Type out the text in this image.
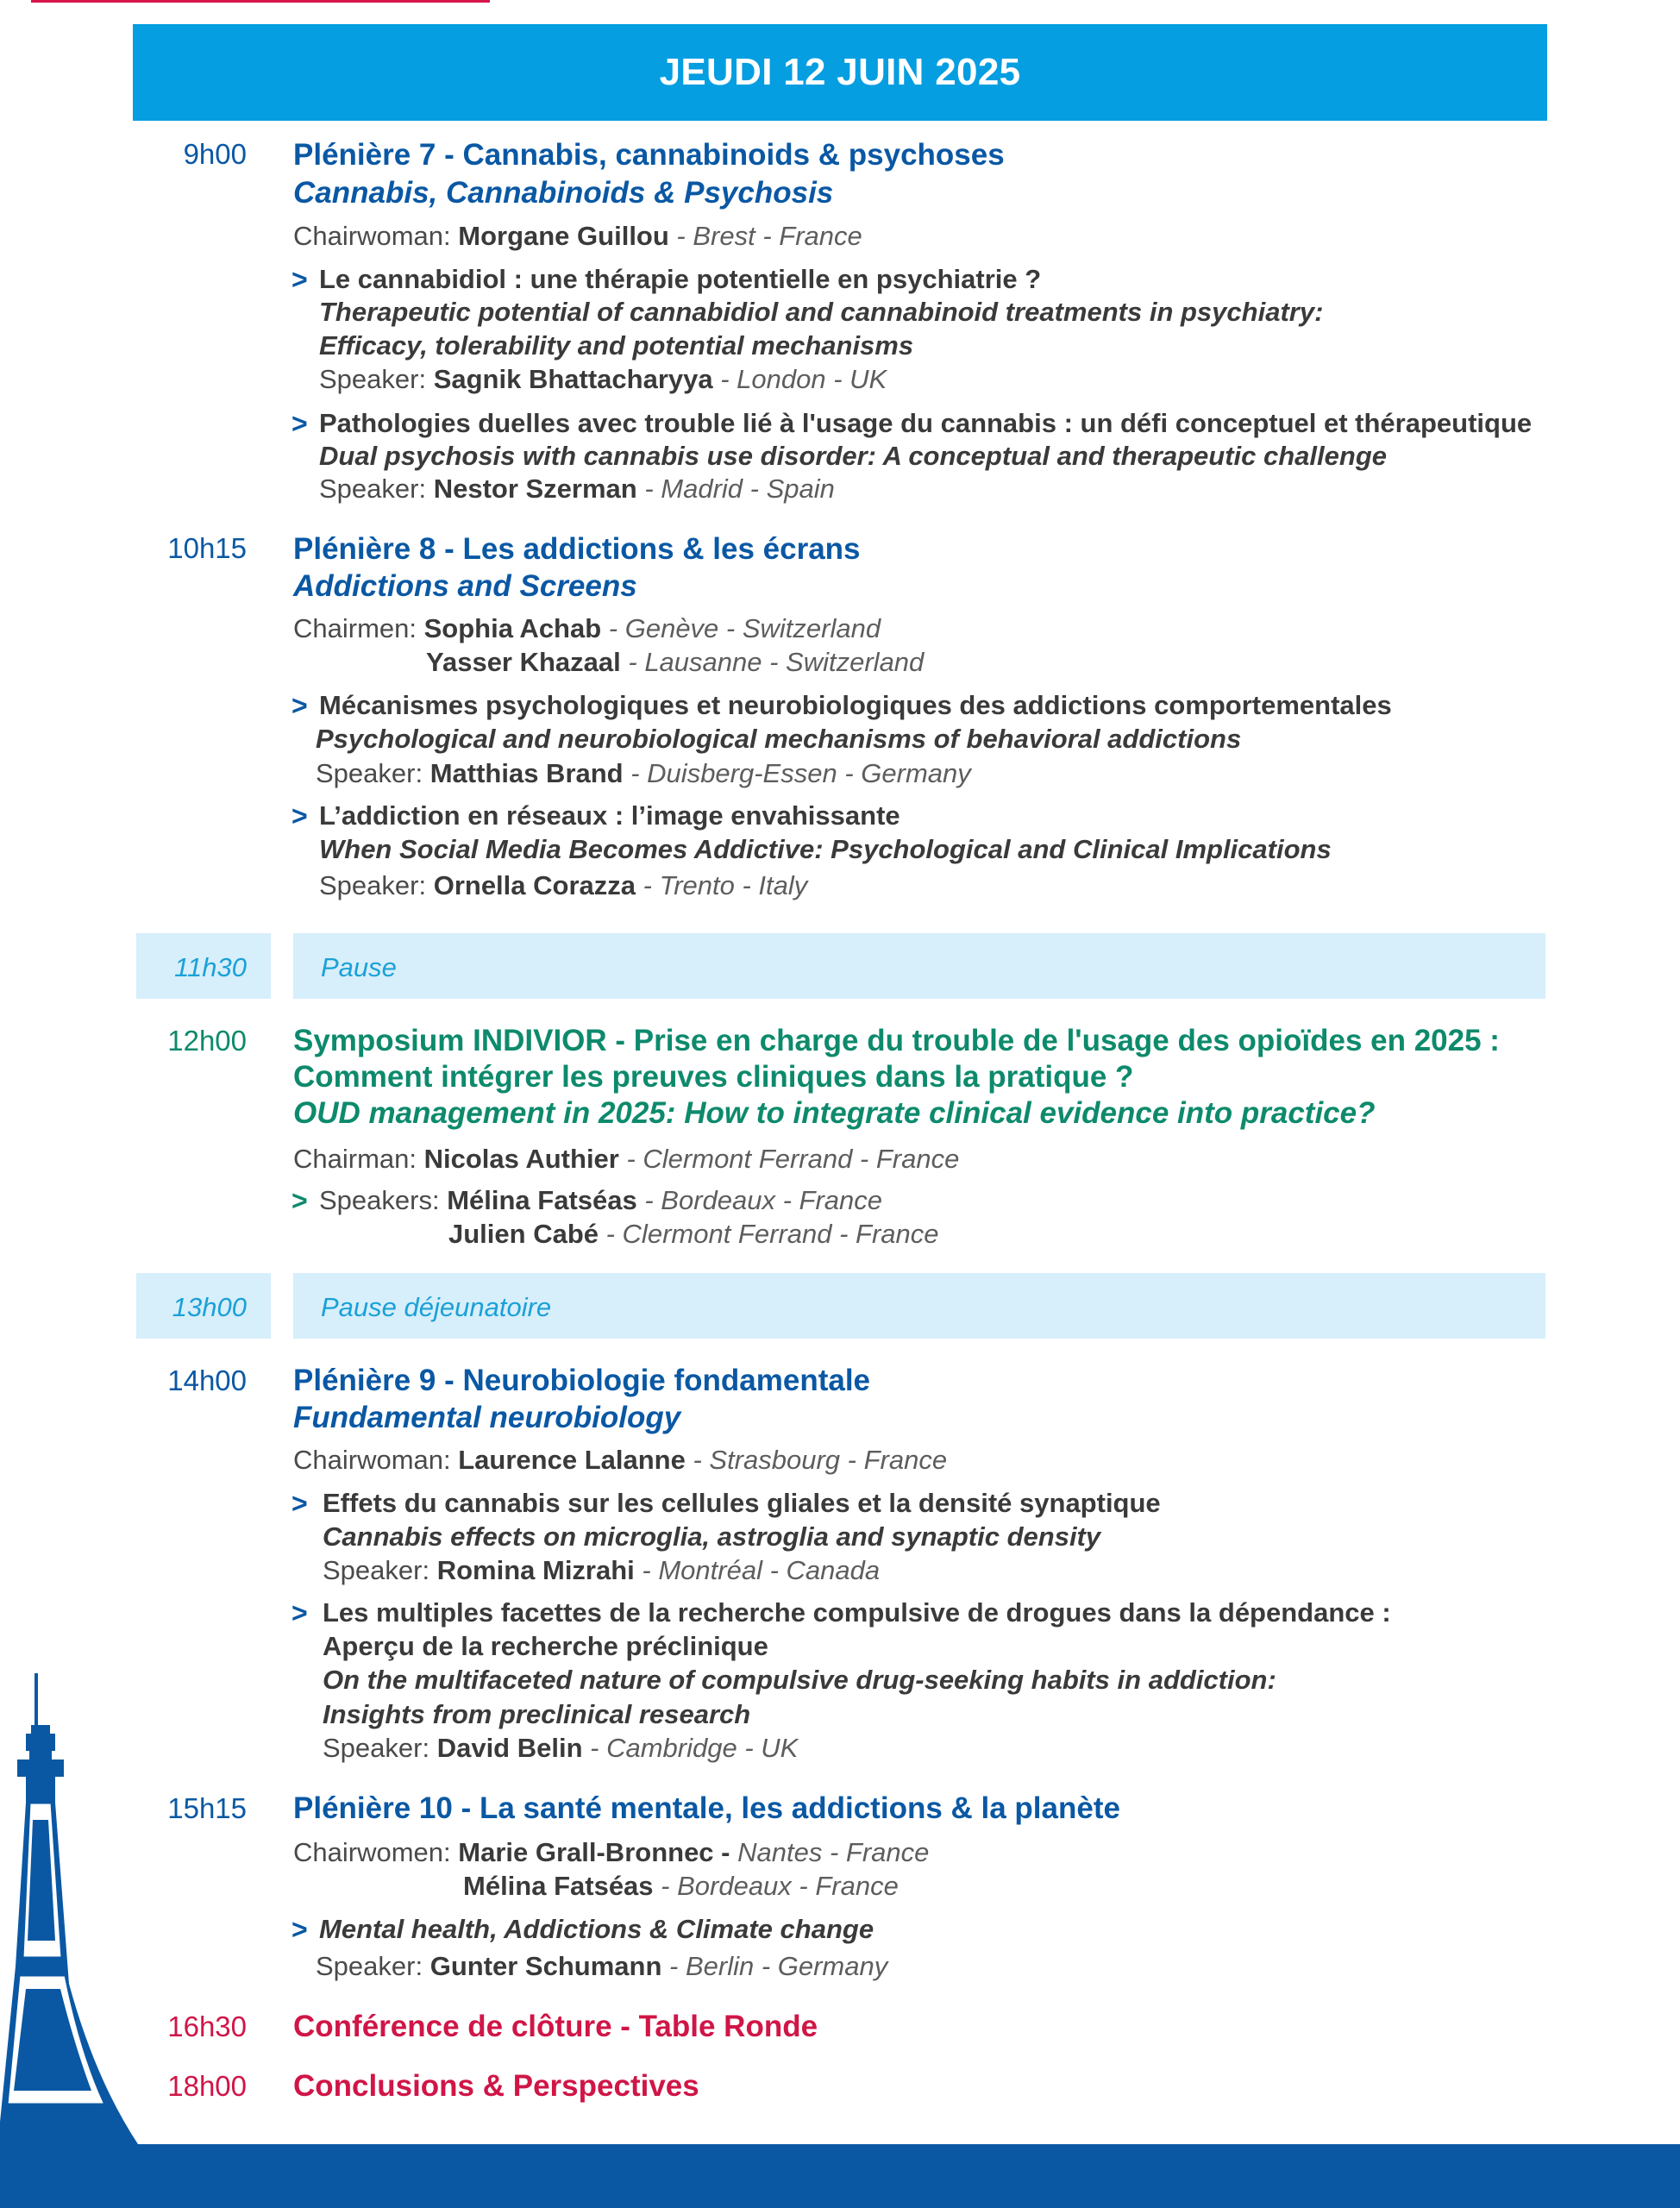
JEUDI 12 JUIN 2025
9h00 Plénière 7 - Cannabis, cannabinoids & psychoses
Cannabis, Cannabinoids & Psychosis
Chairwoman: Morgane Guillou - Brest - France
> Le cannabidiol : une thérapie potentielle en psychiatrie ?
Therapeutic potential of cannabidiol and cannabinoid treatments in psychiatry:
Efficacy, tolerability and potential mechanisms
Speaker: Sagnik Bhattacharyya - London - UK
> Pathologies duelles avec trouble lié à l'usage du cannabis : un défi conceptuel et thérapeutique
Dual psychosis with cannabis use disorder: A conceptual and therapeutic challenge
Speaker: Nestor Szerman - Madrid - Spain
10h15 Plénière 8 - Les addictions & les écrans
Addictions and Screens
Chairmen: Sophia Achab - Genève - Switzerland
Yasser Khazaal - Lausanne - Switzerland
> Mécanismes psychologiques et neurobiologiques des addictions comportementales
Psychological and neurobiological mechanisms of behavioral addictions
Speaker: Matthias Brand - Duisberg-Essen - Germany
> L’addiction en réseaux : l’image envahissante
When Social Media Becomes Addictive: Psychological and Clinical Implications
Speaker: Ornella Corazza - Trento - Italy
11h30	Pause
12h00 Symposium INDIVIOR - Prise en charge du trouble de l'usage des opioïdes en 2025 :
Comment intégrer les preuves cliniques dans la pratique ?
OUD management in 2025: How to integrate clinical evidence into practice?
Chairman: Nicolas Authier - Clermont Ferrand - France
> Speakers: Mélina Fatséas - Bordeaux - France
Julien Cabé - Clermont Ferrand - France
13h00	Pause déjeunatoire
14h00 Plénière 9 - Neurobiologie fondamentale
Fundamental neurobiology
Chairwoman: Laurence Lalanne - Strasbourg - France
> Effets du cannabis sur les cellules gliales et la densité synaptique
Cannabis effects on microglia, astroglia and synaptic density
Speaker: Romina Mizrahi - Montréal - Canada
> Les multiples facettes de la recherche compulsive de drogues dans la dépendance :
Aperçu de la recherche préclinique
On the multifaceted nature of compulsive drug-seeking habits in addiction:
Insights from preclinical research
Speaker: David Belin - Cambridge - UK
15h15 Plénière 10 - La santé mentale, les addictions & la planète
Chairwomen: Marie Grall-Bronnec - Nantes - France
Mélina Fatséas - Bordeaux - France
> Mental health, Addictions & Climate change
Speaker: Gunter Schumann - Berlin - Germany
16h30 Conférence de clôture - Table Ronde
18h00 Conclusions & Perspectives
